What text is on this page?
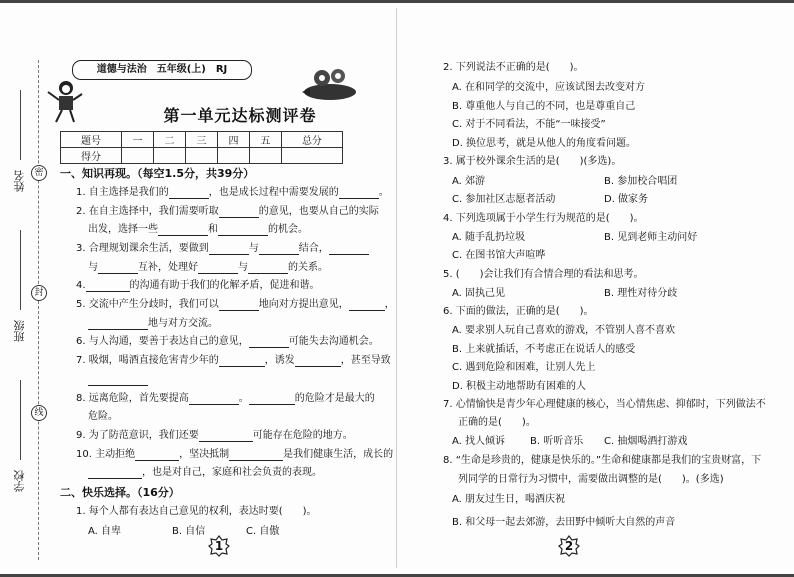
姓名
班级
学校
密
封
线
道德与法治　五年级(上)　RJ
第一单元达标测评卷
题号	一	二	三	四	五	总分
得分						
一、知识再现。（每空1.5分，共39分）
1. 自主选择是我们的	，也是成长过程中需要发展的	。
2. 在自主选择中，我们需要听取	的意见，也要从自己的实际
出发，选择一些	和	的机会。
3. 合理规划课余生活，要做到	与	结合，
与	互补，处理好	与	的关系。
4.	的沟通有助于我们的化解矛盾，促进和谐。
5. 交流中产生分歧时，我们可以	地向对方提出意见，	，
地与对方交流。
6. 与人沟通，要善于表达自己的意见，	可能失去沟通机会。
7. 吸烟，喝酒直接危害青少年的	，诱发	，甚至导致
8. 远离危险，首先要提高	。	的危险才是最大的
危险。
9. 为了防范意识，我们还要	可能存在危险的地方。
10. 主动拒绝	，坚决抵制	是我们健康生活，成长的
，也是对自己，家庭和社会负责的表现。
二、快乐选择。（16分）
1. 每个人都有表达自己意见的权利，表达时要(　　)。
A. 自卑	B. 自信	C. 自傲
1
2. 下列说法不正确的是(　　)。
A. 在和同学的交流中，应该试图去改变对方
B. 尊重他人与自己的不同，也是尊重自己
C. 对于不同看法，不能“一味接受”
D. 换位思考，就是从他人的角度看问题。
3. 属于校外课余生活的是(　　)(多选)。
A. 郊游	B. 参加校合唱团
C. 参加社区志愿者活动	D. 做家务
4. 下列选项属于小学生行为规范的是(　　)。
A. 随手乱扔垃圾	B. 见到老师主动问好
C. 在图书馆大声喧哗
5. (　　)会让我们有合情合理的看法和思考。
A. 固执己见	B. 理性对待分歧
6. 下面的做法，正确的是(　　)。
A. 要求别人玩自己喜欢的游戏，不管别人喜不喜欢
B. 上来就插话，不考虑正在说话人的感受
C. 遇到危险和困难，让别人先上
D. 积极主动地帮助有困难的人
7. 心情愉快是青少年心理健康的核心，当心情焦虑、抑郁时，下列做法不
正确的是(　　)。
A. 找人倾诉 B. 听听音乐 C. 抽烟喝酒打游戏
8. “生命是珍贵的，健康是快乐的。”生命和健康都是我们的宝贵财富，下
列同学的日常行为习惯中，需要做出调整的是(　　)。(多选)
A. 朋友过生日，喝酒庆祝
B. 和父母一起去郊游，去田野中倾听大自然的声音
2
